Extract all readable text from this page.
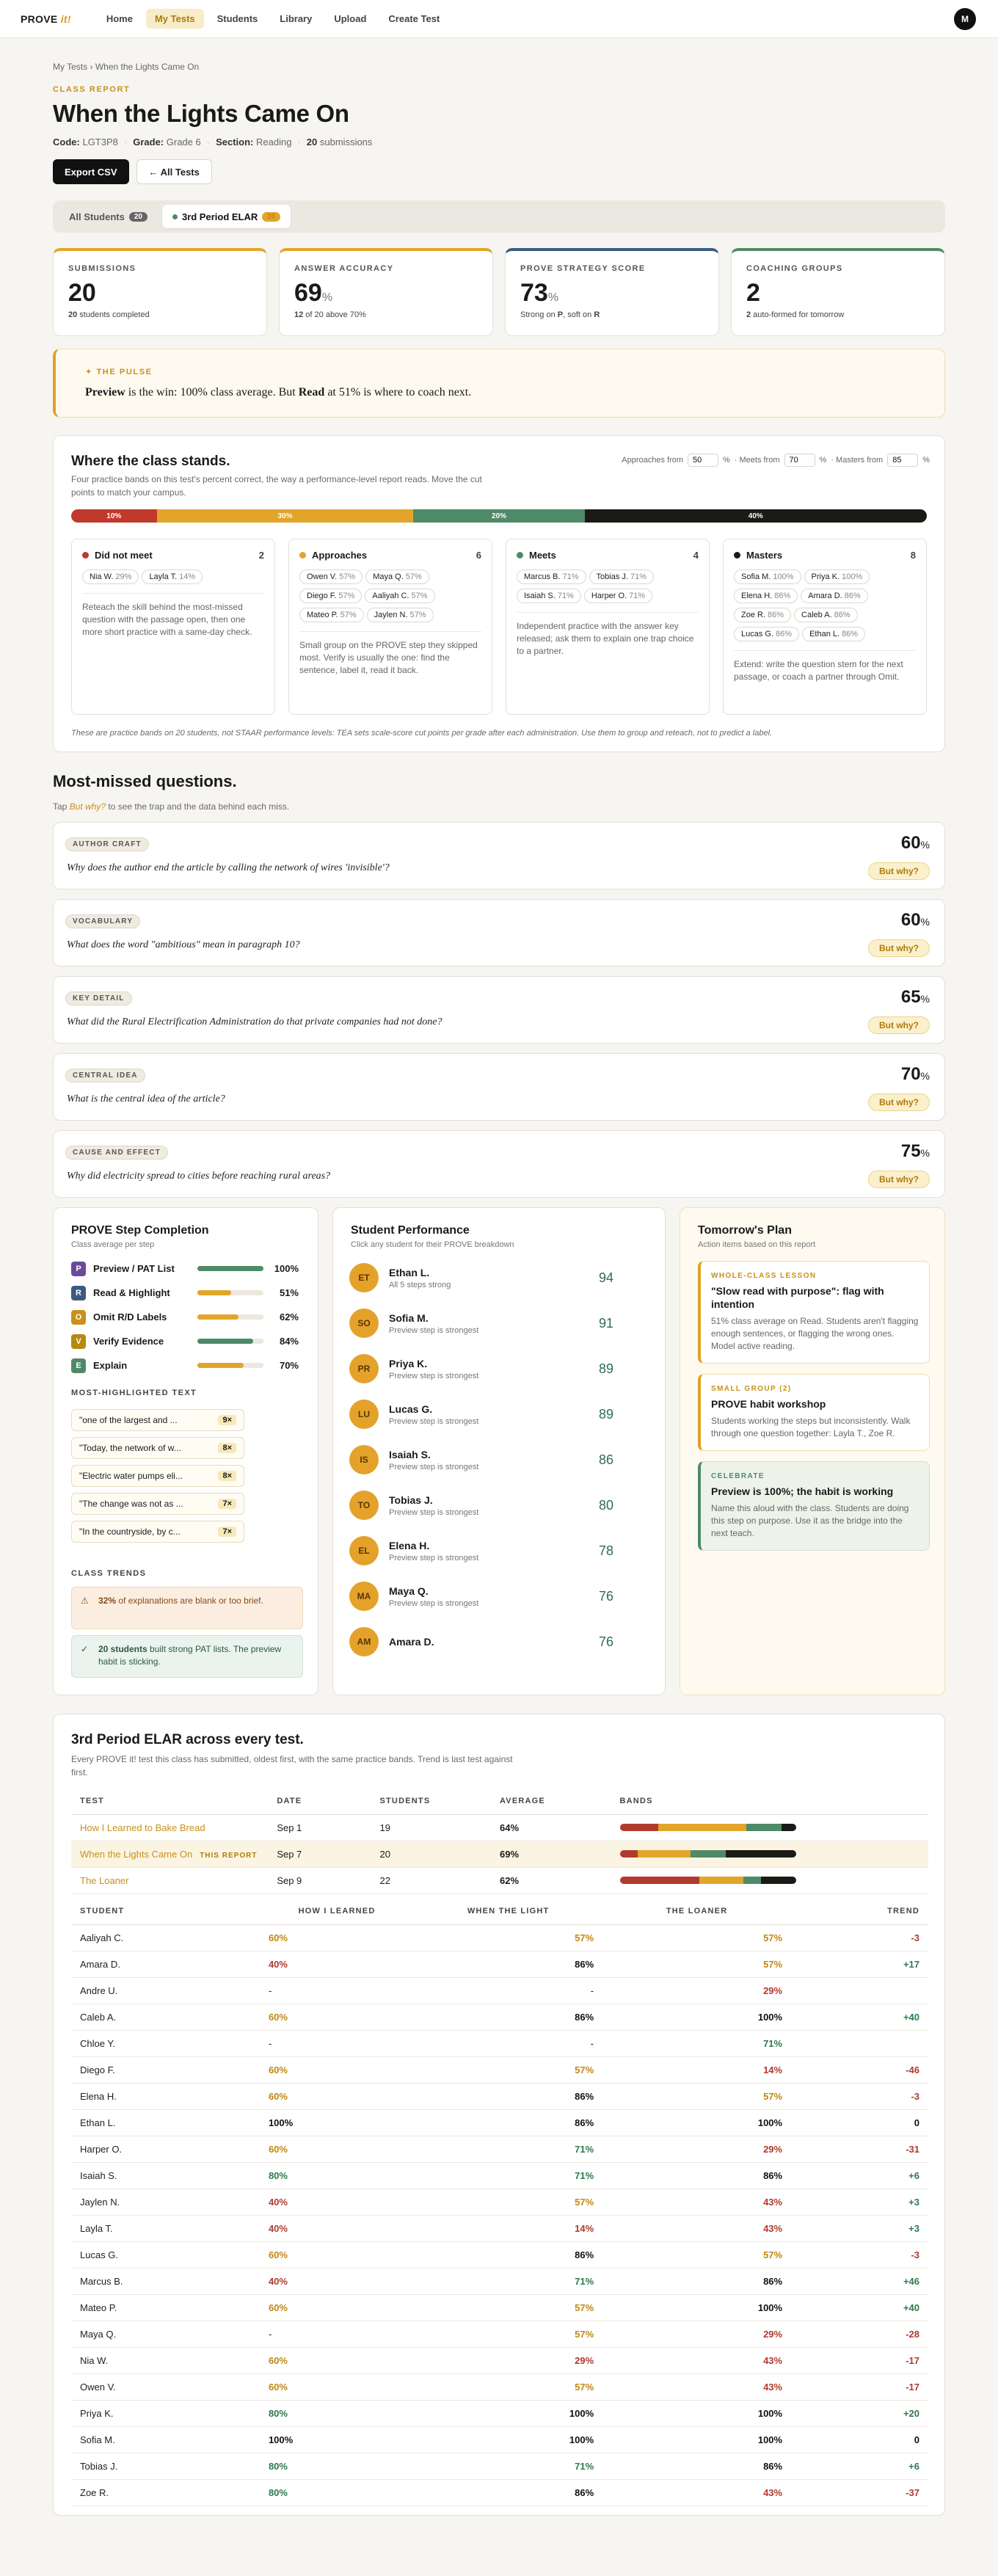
PROVE it!	Home	My Tests	Students	Library	Upload	Create Test	M
My Tests › When the Lights Came On
CLASS REPORT
When the Lights Came On
Code: LGT3P8 · Grade: Grade 6 · Section: Reading · 20 submissions
Export CSV	← All Tests
All Students	20	3rd Period ELAR	20
SUBMISSIONS
20
20 students completed
ANSWER ACCURACY
69%
12 of 20 above 70%
PROVE STRATEGY SCORE
73%
Strong on P, soft on R
COACHING GROUPS
2
2 auto-formed for tomorrow
✦ THE PULSE
Preview is the win: 100% class average. But Read at 51% is where to coach next.
Where the class stands.
Four practice bands on this test's percent correct, the way a performance-level report reads. Move the cut points to match your campus.
Approaches from	50	% · Meets from	70	% · Masters from	85	%
10%	30%	20%	40%
Did not meet	2
Nia W. 29% Layla T. 14%
Reteach the skill behind the most-missed question with the passage open, then one more short practice with a same-day check.
Approaches	6
Owen V. 57% Maya Q. 57%Diego F. 57% Aaliyah C. 57%Mateo P. 57% Jaylen N. 57%
Small group on the PROVE step they skipped most. Verify is usually the one: find the sentence, label it, read it back.
Meets	4
Marcus B. 71% Tobias J. 71%Isaiah S. 71% Harper O. 71%
Independent practice with the answer key released; ask them to explain one trap choice to a partner.
Masters	8
Sofia M. 100% Priya K. 100%Elena H. 86% Amara D. 86%Zoe R. 86% Caleb A. 86%Lucas G. 86% Ethan L. 86%
Extend: write the question stem for the next passage, or coach a partner through Omit.
These are practice bands on 20 students, not STAAR performance levels: TEA sets scale-score cut points per grade after each administration. Use them to group and reteach, not to predict a label.
Most-missed questions.
Tap But why? to see the trap and the data behind each miss.
AUTHOR CRAFT
Why does the author end the article by calling the network of wires 'invisible'?
60%
But why?
VOCABULARY
What does the word "ambitious" mean in paragraph 10?
60%
But why?
KEY DETAIL
What did the Rural Electrification Administration do that private companies had not done?
65%
But why?
CENTRAL IDEA
What is the central idea of the article?
70%
But why?
CAUSE AND EFFECT
Why did electricity spread to cities before reaching rural areas?
75%
But why?
PROVE Step Completion
Class average per step
P	Preview / PAT List	100%
R	Read & Highlight	51%
O	Omit R/D Labels	62%
V	Verify Evidence	84%
E	Explain	70%
MOST-HIGHLIGHTED TEXT
"one of the largest and ...	9×
"Today, the network of w...	8×
"Electric water pumps eli...	8×
"The change was not as ...	7×
"In the countryside, by c...	7×
CLASS TRENDS
⚠ 32% of explanations are blank or too brief.
✓ 20 students built strong PAT lists. The preview habit is sticking.
Student Performance
Click any student for their PROVE breakdown
ET	Ethan L.
All 5 steps strong	94
SO	Sofia M.
Preview step is strongest	91
PR	Priya K.
Preview step is strongest	89
LU	Lucas G.
Preview step is strongest	89
IS	Isaiah S.
Preview step is strongest	86
TO	Tobias J.
Preview step is strongest	80
EL	Elena H.
Preview step is strongest	78
MA	Maya Q.
Preview step is strongest	76
AM	Amara D.	76
Tomorrow's Plan
Action items based on this report
WHOLE-CLASS LESSON
"Slow read with purpose": flag with intention
51% class average on Read. Students aren't flagging enough sentences, or flagging the wrong ones. Model active reading.
SMALL GROUP (2)
PROVE habit workshop
Students working the steps but inconsistently. Walk through one question together: Layla T., Zoe R.
CELEBRATE
Preview is 100%; the habit is working
Name this aloud with the class. Students are doing this step on purpose. Use it as the bridge into the next teach.
3rd Period ELAR across every test.
Every PROVE it! test this class has submitted, oldest first, with the same practice bands. Trend is last test against first.
TEST	DATE	STUDENTS	AVERAGE	BANDS
How I Learned to Bake Bread	Sep 1	19	64%	

When the Lights Came On THIS REPORT	Sep 7	20	69%	

The Loaner	Sep 9	22	62%	
STUDENT	HOW I LEARNED	WHEN THE LIGHT	THE LOANER	TREND
Aaliyah C.	60%	57%	57%	-3
Amara D.	40%	86%	57%	+17
Andre U.	-	-	29%	
Caleb A.	60%	86%	100%	+40
Chloe Y.	-	-	71%	
Diego F.	60%	57%	14%	-46
Elena H.	60%	86%	57%	-3
Ethan L.	100%	86%	100%	0
Harper O.	60%	71%	29%	-31
Isaiah S.	80%	71%	86%	+6
Jaylen N.	40%	57%	43%	+3
Layla T.	40%	14%	43%	+3
Lucas G.	60%	86%	57%	-3
Marcus B.	40%	71%	86%	+46
Mateo P.	60%	57%	100%	+40
Maya Q.	-	57%	29%	-28
Nia W.	60%	29%	43%	-17
Owen V.	60%	57%	43%	-17
Priya K.	80%	100%	100%	+20
Sofia M.	100%	100%	100%	0
Tobias J.	80%	71%	86%	+6
Zoe R.	80%	86%	43%	-37
